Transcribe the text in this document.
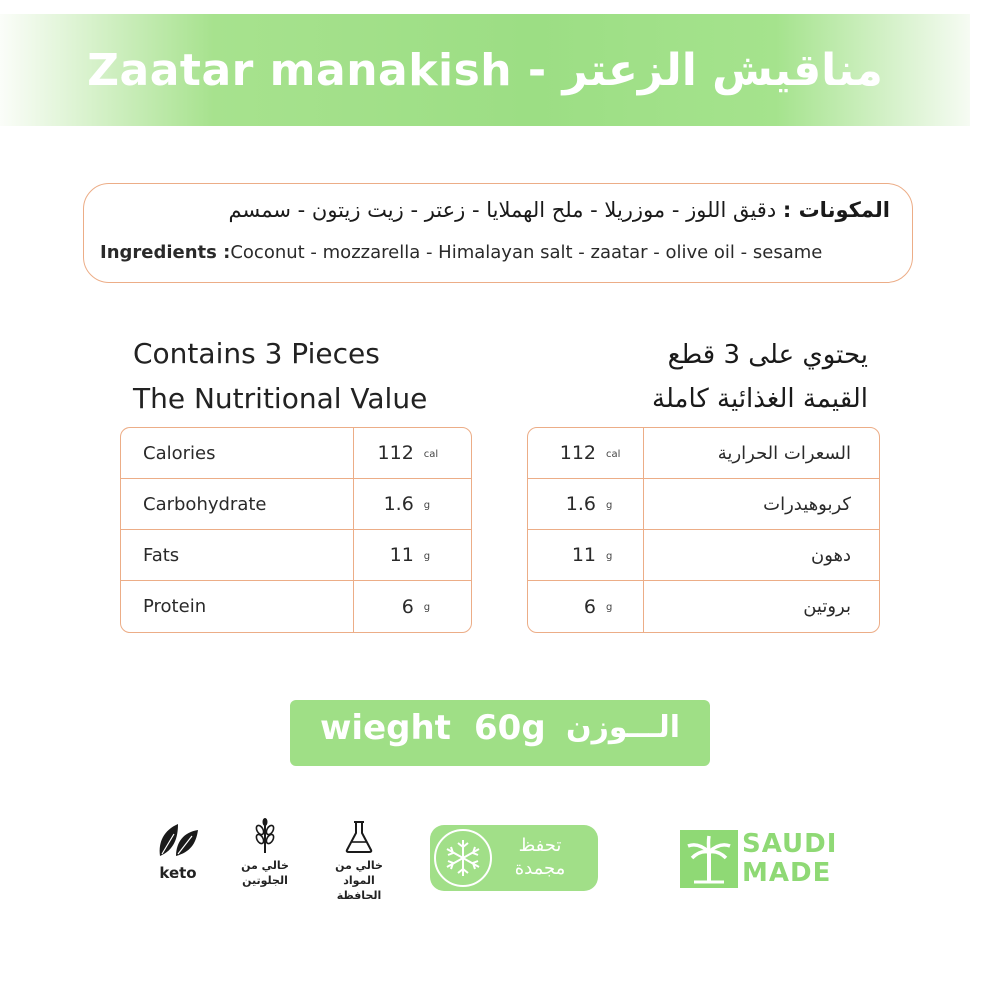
Zaatar manakish - مناقيش الزعتر
المكونات : دقيق اللوز - موزريلا - ملح الهملايا - زعتر - زيت زيتون - سمسم
Ingredients :Coconut - mozzarella - Himalayan salt - zaatar - olive oil - sesame
Contains 3 Pieces
The Nutritional Value
يحتوي على 3 قطع
القيمة الغذائية كاملة
Calories	112 cal
Carbohydrate	1.6 g
Fats	11 g
Protein	6 g
112 cal	السعرات الحرارية
1.6 g	كربوهيدرات
11 g	دهون
6 g	بروتين
wieght 60g الـــوزن
keto	خالي من الجلوتين
خالي من المواد الحافظة
تحفظ مجمدة
SAUDI
MADE
